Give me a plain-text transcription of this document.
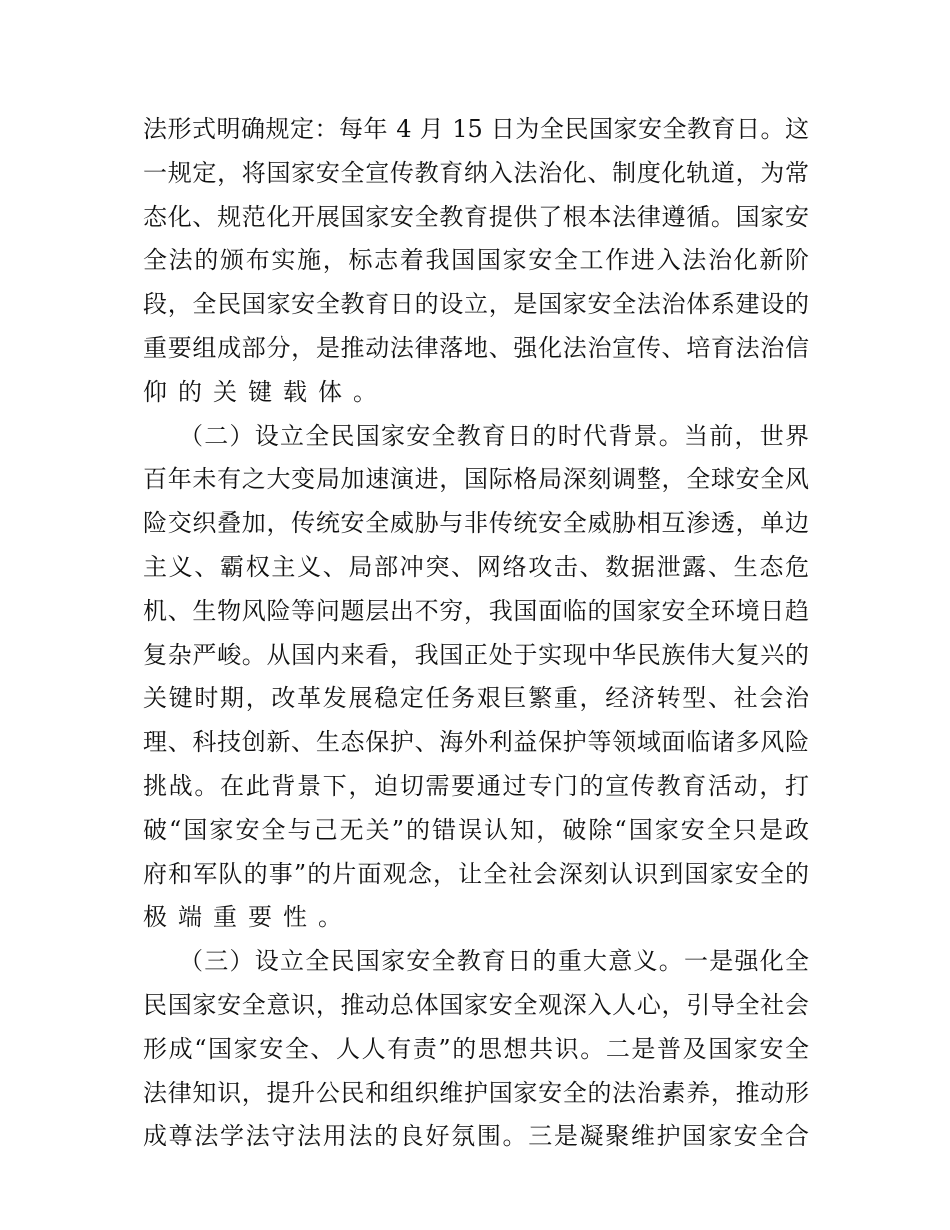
法形式明确规定：每年 4 月 15 日为全民国家安全教育日。这
一规定，将国家安全宣传教育纳入法治化、制度化轨道，为常
态化、规范化开展国家安全教育提供了根本法律遵循。国家安
全法的颁布实施，标志着我国国家安全工作进入法治化新阶
段，全民国家安全教育日的设立，是国家安全法治体系建设的
重要组成部分，是推动法律落地、强化法治宣传、培育法治信
仰的关键载体。
（二）设立全民国家安全教育日的时代背景。当前，世界
百年未有之大变局加速演进，国际格局深刻调整，全球安全风
险交织叠加，传统安全威胁与非传统安全威胁相互渗透，单边
主义、霸权主义、局部冲突、网络攻击、数据泄露、生态危
机、生物风险等问题层出不穷，我国面临的国家安全环境日趋
复杂严峻。从国内来看，我国正处于实现中华民族伟大复兴的
关键时期，改革发展稳定任务艰巨繁重，经济转型、社会治
理、科技创新、生态保护、海外利益保护等领域面临诸多风险
挑战。在此背景下，迫切需要通过专门的宣传教育活动，打
破“国家安全与己无关”的错误认知，破除“国家安全只是政
府和军队的事”的片面观念，让全社会深刻认识到国家安全的
极端重要性。
（三）设立全民国家安全教育日的重大意义。一是强化全
民国家安全意识，推动总体国家安全观深入人心，引导全社会
形成“国家安全、人人有责”的思想共识。二是普及国家安全
法律知识，提升公民和组织维护国家安全的法治素养，推动形
成尊法学法守法用法的良好氛围。三是凝聚维护国家安全合
